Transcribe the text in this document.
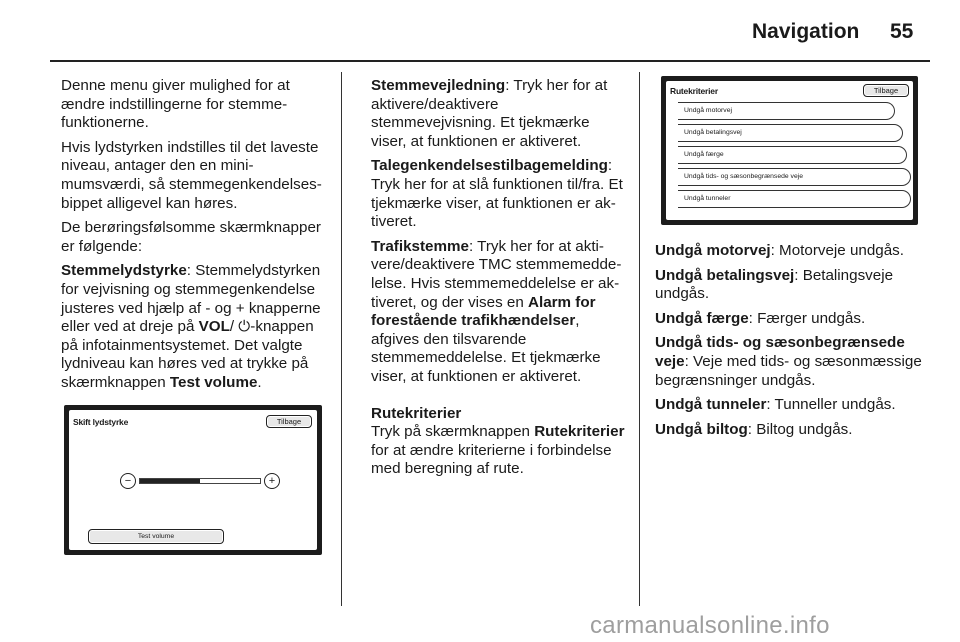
Navigation 55

Denne menu giver mulighed for at ændre indstillingerne for stemmefunktionerne.

Hvis lydstyrken indstilles til det laveste niveau, antager den en minimumsværdi, så stemmegenkendelses-bippet alligevel kan høres.

De berøringsfølsomme skærmknapper er følgende:

Stemmelydstyrke: Stemmelydstyrken for vejvisning og stemmegenkendelse justeres ved hjælp af - og + knapperne eller ved at dreje på VOL/ ⏻-knappen på infotainmentsystemet. Det valgte lydniveau kan høres ved at trykke på skærmknappen Test volume.

Skift lydstyrke	Tilbage
−	+
Test volume

Stemmevejledning: Tryk her for at aktivere/deaktivere stemmevejvisning. Et tjekmærke viser, at funktionen er aktiveret.

Talegenkendelsestilbagemelding: Tryk her for at slå funktionen til/fra. Et tjekmærke viser, at funktionen er aktiveret.

Trafikstemme: Tryk her for at aktivere/deaktivere TMC stemmemeddelelse. Hvis stemmemeddelelse er aktiveret, og der vises en Alarm for forestående trafikhændelser, afgives den tilsvarende stemmemeddelelse. Et tjekmærke viser, at funktionen er aktiveret.

Rutekriterier

Tryk på skærmknappen Rutekriterier for at ændre kriterierne i forbindelse med beregning af rute.

Rutekriterier	Tilbage
Undgå motorvej
Undgå betalingsvej
Undgå færge
Undgå tids- og sæsonbegrænsede veje
Undgå tunneler

Undgå motorvej: Motorveje undgås.

Undgå betalingsvej: Betalingsveje undgås.

Undgå færge: Færger undgås.

Undgå tids- og sæsonbegrænsede veje: Veje med tids- og sæsonmæssige begrænsninger undgås.

Undgå tunneler: Tunneller undgås.

Undgå biltog: Biltog undgås.

carmanualsonline.info
